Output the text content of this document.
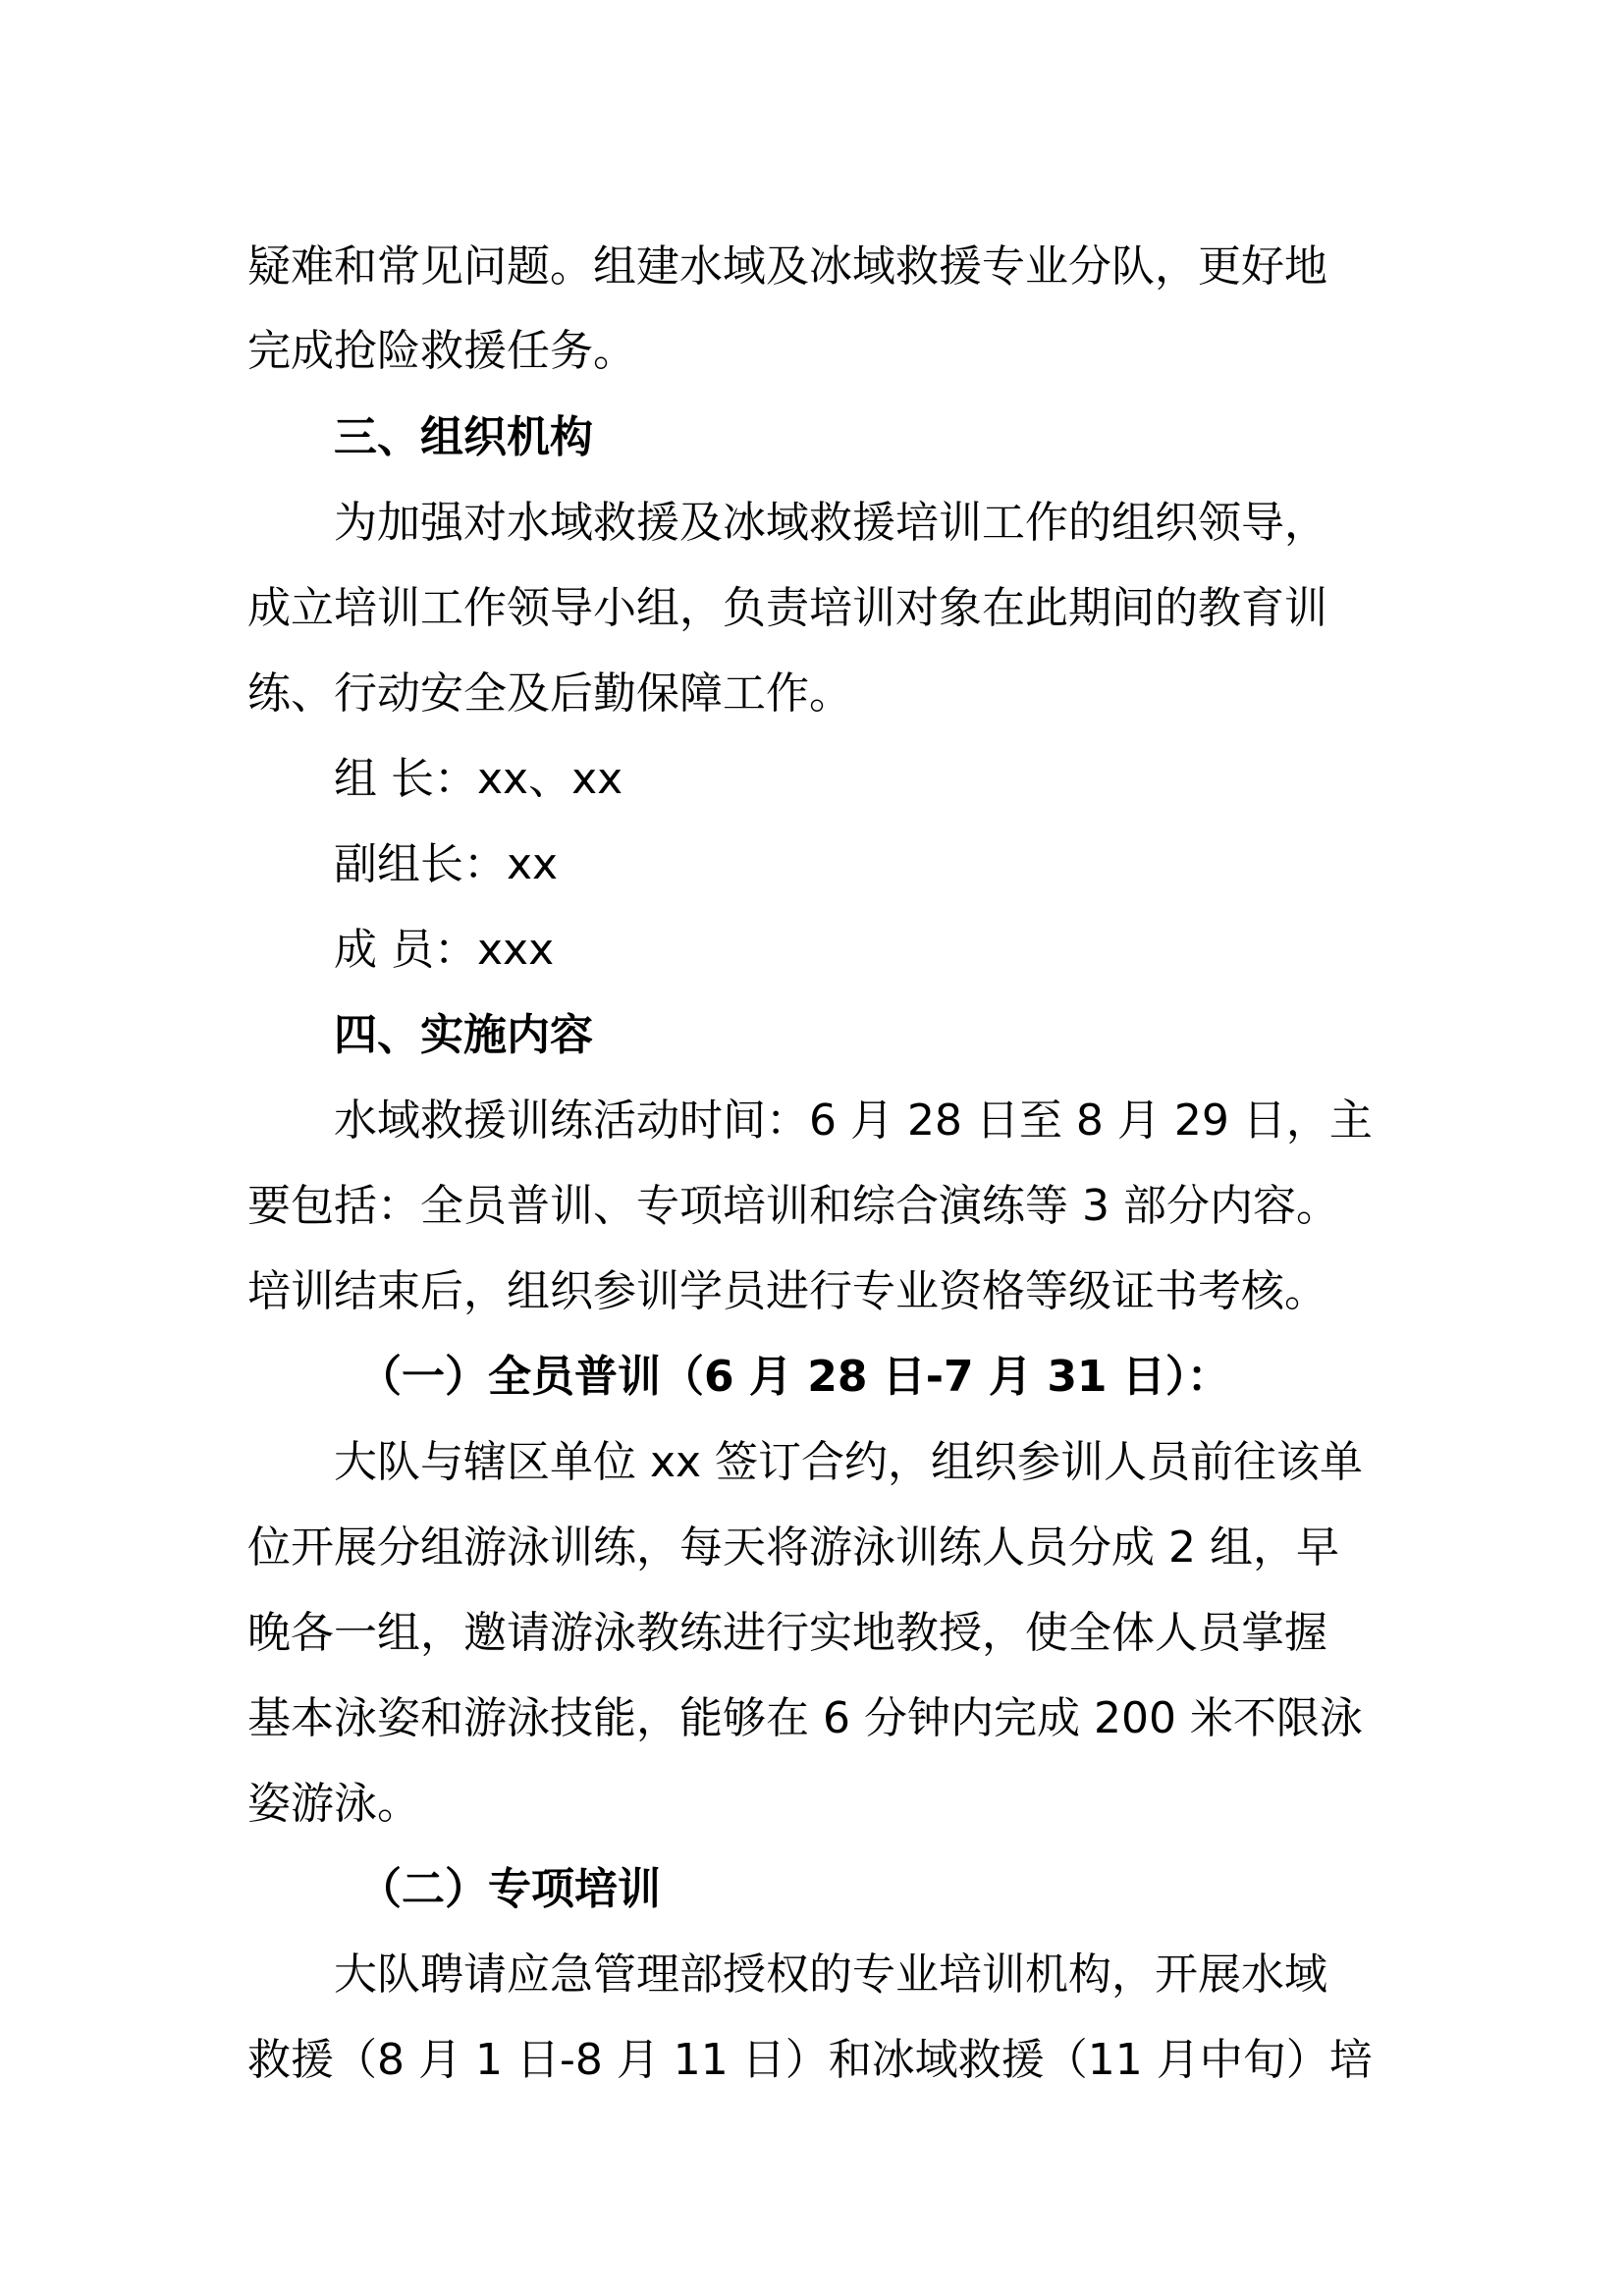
疑难和常见问题。组建水域及冰域救援专业分队，更好地
完成抢险救援任务。
三、组织机构
为加强对水域救援及冰域救援培训工作的组织领导，
成立培训工作领导小组，负责培训对象在此期间的教育训
练、行动安全及后勤保障工作。
组 长：xx、xx
副组长：xx
成 员：xxx
四、实施内容
水域救援训练活动时间：6 月 28 日至 8 月 29 日，主
要包括：全员普训、专项培训和综合演练等 3 部分内容。
培训结束后，组织参训学员进行专业资格等级证书考核。
（一）全员普训（6 月 28 日-7 月 31 日）：
大队与辖区单位 xx 签订合约，组织参训人员前往该单
位开展分组游泳训练，每天将游泳训练人员分成 2 组，早
晚各一组，邀请游泳教练进行实地教授，使全体人员掌握
基本泳姿和游泳技能，能够在 6 分钟内完成 200 米不限泳
姿游泳。
（二）专项培训
大队聘请应急管理部授权的专业培训机构，开展水域
救援（8 月 1 日-8 月 11 日）和冰域救援（11 月中旬）培
